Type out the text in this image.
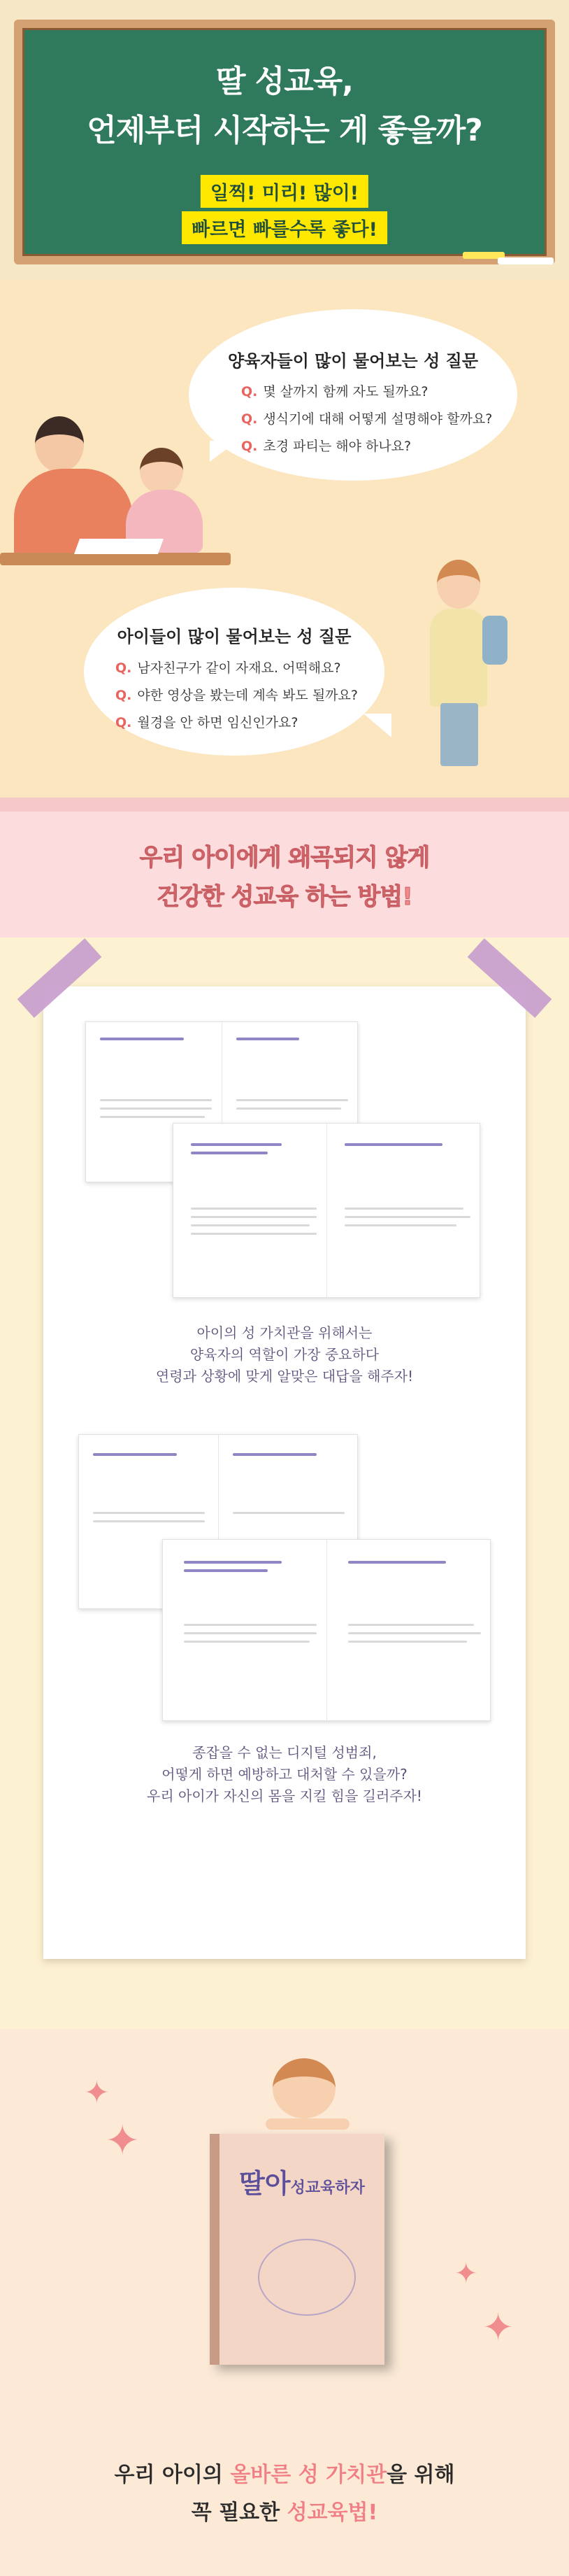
딸 성교육,
언제부터 시작하는 게 좋을까?
일찍! 미리! 많이!
빠르면 빠를수록 좋다!
양육자들이 많이 물어보는 성 질문
Q. 몇 살까지 함께 자도 될까요?
Q. 생식기에 대해 어떻게 설명해야 할까요?
Q. 초경 파티는 해야 하나요?
아이들이 많이 물어보는 성 질문
Q. 남자친구가 같이 자재요. 어떡해요?
Q. 야한 영상을 봤는데 계속 봐도 될까요?
Q. 월경을 안 하면 임신인가요?
우리 아이에게 왜곡되지 않게
건강한 성교육 하는 방법!
아이의 성 가치관을 위해서는
양육자의 역할이 가장 중요하다
연령과 상황에 맞게 알맞은 대답을 해주자!
종잡을 수 없는 디지털 성범죄,
어떻게 하면 예방하고 대처할 수 있을까?
우리 아이가 자신의 몸을 지킬 힘을 길러주자!
✦
✦
✦
✦
딸아성교육하자
우리 아이의 올바른 성 가치관을 위해
꼭 필요한 성교육법!
